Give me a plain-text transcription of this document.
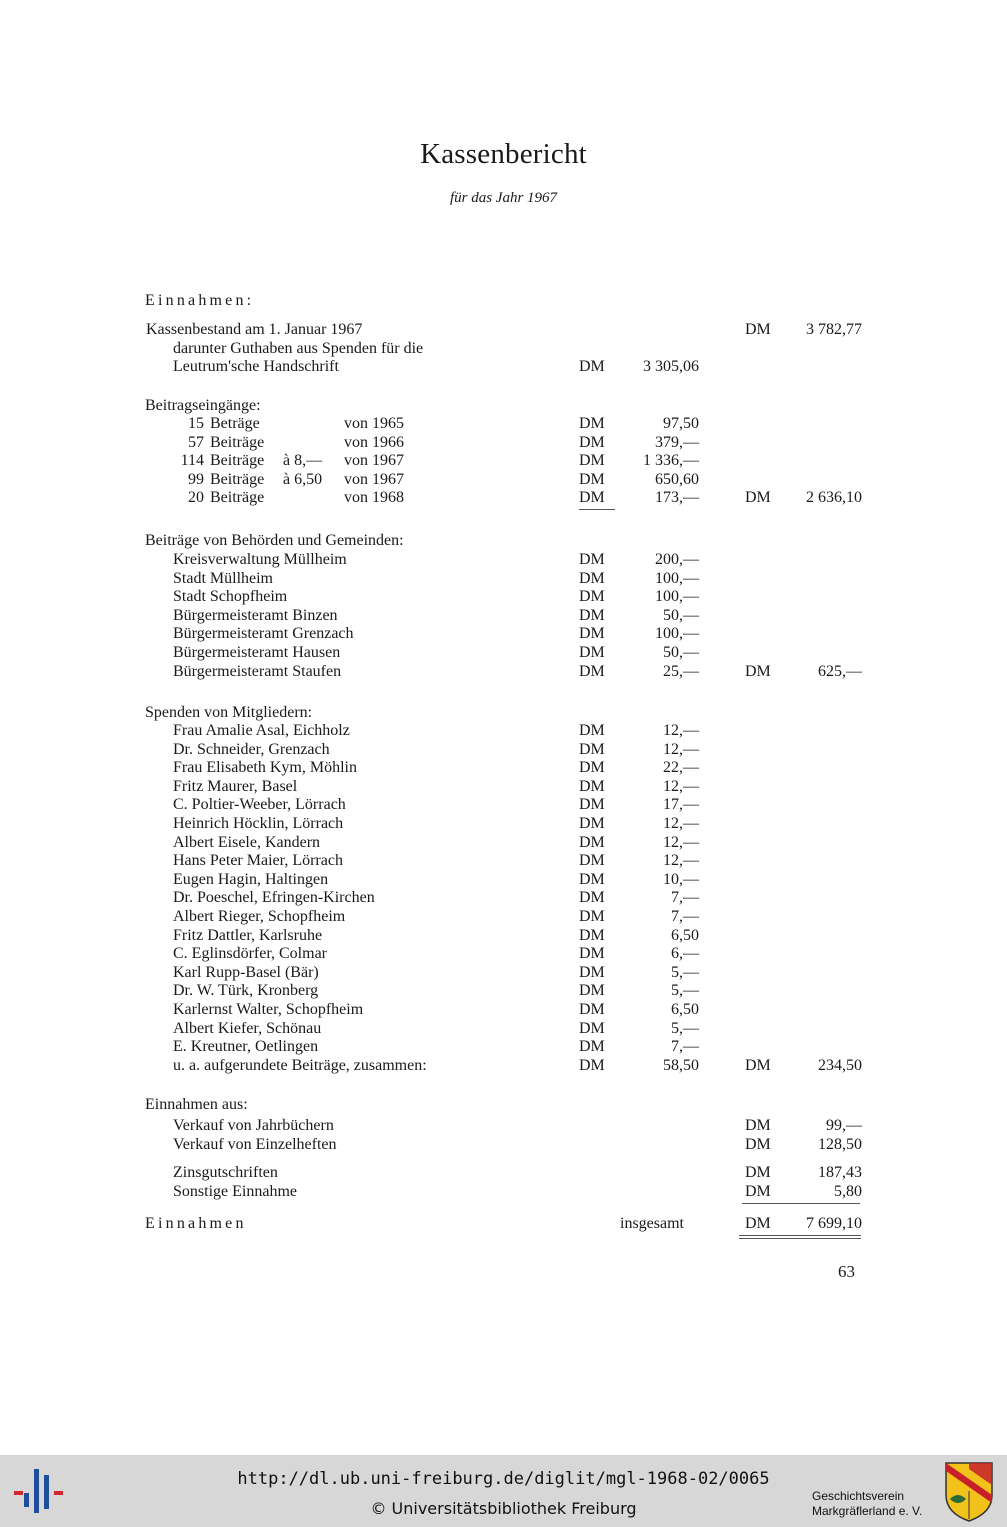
Kassenbericht
für das Jahr 1967
Einnahmen:
Kassenbestand am 1. Januar 1967	DM 3 782,77
darunter Guthaben aus Spenden für die
Leutrum'sche Handschrift	DM 3 305,06
Beitragseingänge:
15 Beträge	von 1965	DM	97,50
57 Beiträge	von 1966	DM	379,—
114 Beiträge à 8,— von 1967	DM 1 336,—
99 Beiträge à 6,50 von 1967	DM	650,60
20 Beiträge	von 1968	DM	173,—	DM 2 636,10
Beiträge von Behörden und Gemeinden:
Kreisverwaltung Müllheim	DM	200,—
Stadt Müllheim	DM	100,—
Stadt Schopfheim	DM	100,—
Bürgermeisteramt Binzen	DM	50,—
Bürgermeisteramt Grenzach	DM	100,—
Bürgermeisteramt Hausen	DM	50,—
Bürgermeisteramt Staufen	DM	25,—	DM	625,—
Spenden von Mitgliedern:
Frau Amalie Asal, Eichholz	DM	12,—
Dr. Schneider, Grenzach	DM	12,—
Frau Elisabeth Kym, Möhlin	DM	22,—
Fritz Maurer, Basel	DM	12,—
C. Poltier-Weeber, Lörrach	DM	17,—
Heinrich Höcklin, Lörrach	DM	12,—
Albert Eisele, Kandern	DM	12,—
Hans Peter Maier, Lörrach	DM	12,—
Eugen Hagin, Haltingen	DM	10,—
Dr. Poeschel, Efringen-Kirchen	DM	7,—
Albert Rieger, Schopfheim	DM	7,—
Fritz Dattler, Karlsruhe	DM	6,50
C. Eglinsdörfer, Colmar	DM	6,—
Karl Rupp-Basel (Bär)	DM	5,—
Dr. W. Türk, Kronberg	DM	5,—
Karlernst Walter, Schopfheim	DM	6,50
Albert Kiefer, Schönau	DM	5,—
E. Kreutner, Oetlingen	DM	7,—
u. a. aufgerundete Beiträge, zusammen:	DM	58,50	DM	234,50
Einnahmen aus:
Verkauf von Jahrbüchern	DM	99,—
Verkauf von Einzelheften	DM	128,50
Zinsgutschriften	DM	187,43
Sonstige Einnahme	DM	5,80
Einnahmen	insgesamt	DM 7 699,10
63
http://dl.ub.uni-freiburg.de/diglit/mgl-1968-02/0065
© Universitätsbibliothek Freiburg
Geschichtsverein
Markgräflerland e. V.
